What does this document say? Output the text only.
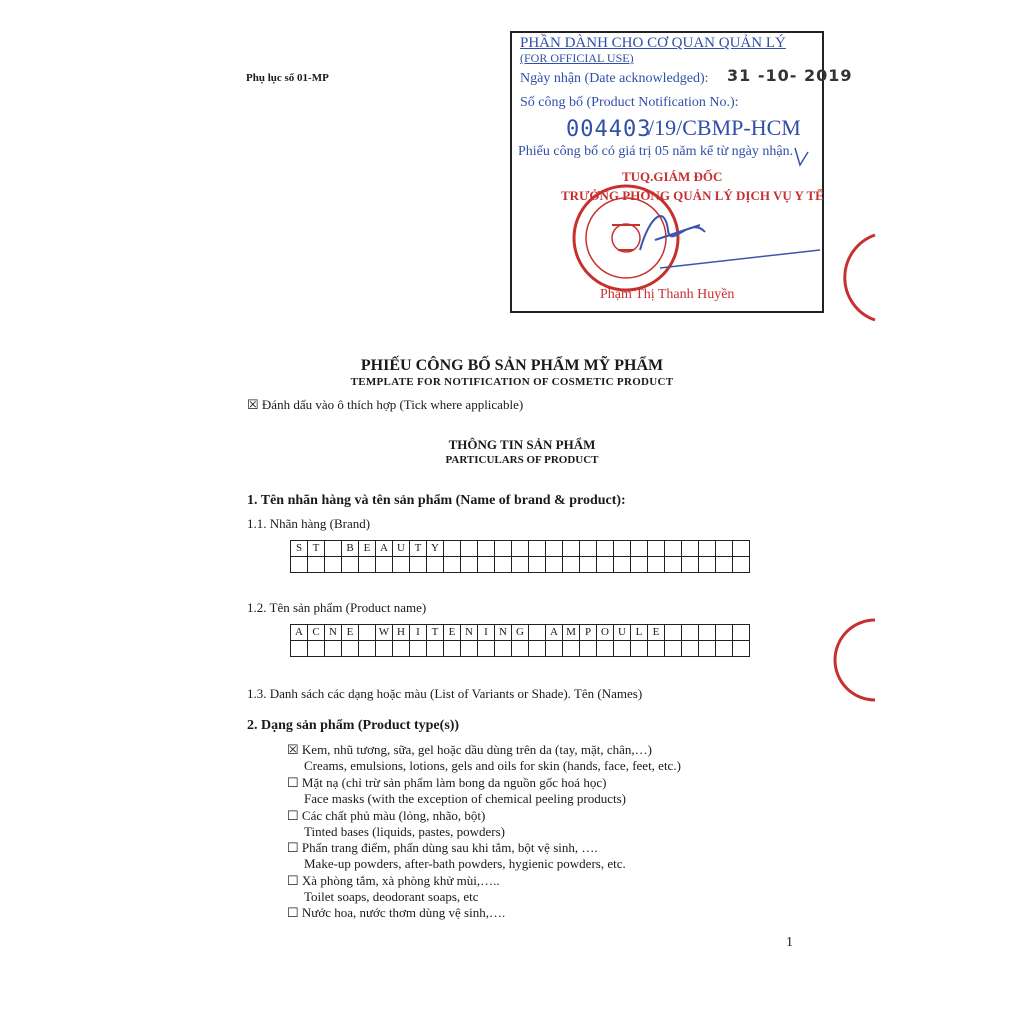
Phụ lục số 01-MP
PHẦN DÀNH CHO CƠ QUAN QUẢN LÝ
(FOR OFFICIAL USE)
Ngày nhận (Date acknowledged): 31 -10- 2019
Số công bố (Product Notification No.):
004403
/19/CBMP-HCM
Phiếu công bố có giá trị 05 năm kể từ ngày nhận.
TUQ.GIÁM ĐỐC
TRƯỞNG PHÒNG QUẢN LÝ DỊCH VỤ Y TẾ
Phạm Thị Thanh Huyền
PHIẾU CÔNG BỐ SẢN PHẨM MỸ PHẨM
TEMPLATE FOR NOTIFICATION OF COSMETIC PRODUCT
☒ Đánh dấu vào ô thích hợp (Tick where applicable)
THÔNG TIN SẢN PHẨM
PARTICULARS OF PRODUCT
1. Tên nhãn hàng và tên sản phẩm (Name of brand & product):
1.1. Nhãn hàng (Brand)
S	T		B	E	A	U	T	Y																		

1.2. Tên sản phẩm (Product name)
A	C	N	E		W	H	I	T	E	N	I	N	G		A	M	P	O	U	L	E					

1.3. Danh sách các dạng hoặc màu (List of Variants or Shade). Tên (Names)
2. Dạng sản phẩm (Product type(s))
☒ Kem, nhũ tương, sữa, gel hoặc dầu dùng trên da (tay, mặt, chân,…)
Creams, emulsions, lotions, gels and oils for skin (hands, face, feet, etc.)
☐ Mặt nạ (chỉ trừ sản phẩm làm bong da nguồn gốc hoá học)
Face masks (with the exception of chemical peeling products)
☐ Các chất phủ màu (lỏng, nhão, bột)
Tinted bases (liquids, pastes, powders)
☐ Phấn trang điểm, phấn dùng sau khi tắm, bột vệ sinh, ….
Make-up powders, after-bath powders, hygienic powders, etc.
☐ Xà phòng tắm, xà phòng khử mùi,…..
Toilet soaps, deodorant soaps, etc
☐ Nước hoa, nước thơm dùng vệ sinh,….
1
